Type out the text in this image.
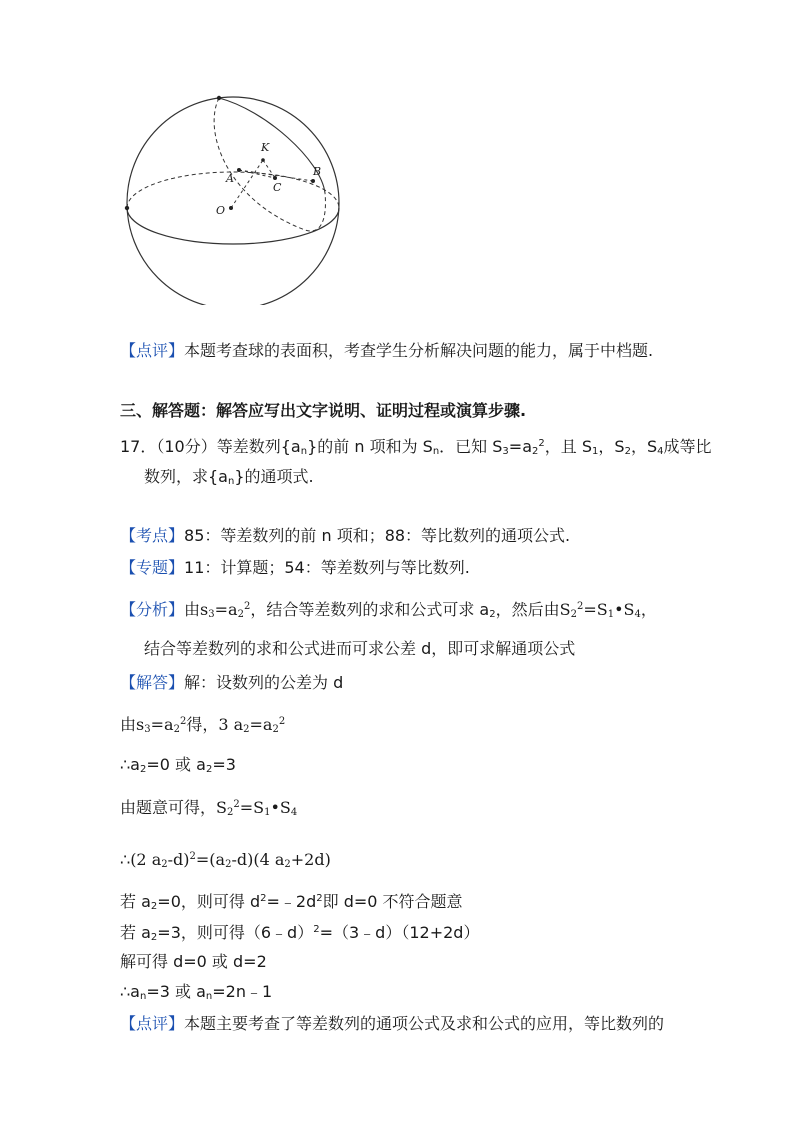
K
A
C
B
O
【点评】本题考查球的表面积，考查学生分析解决问题的能力，属于中档题.
三、解答题：解答应写出文字说明、证明过程或演算步骤.
17．（10分）等差数列$\{a_n\}$的前 n 项和为 $S_n$．已知 $S_3=a_2^2$，且 $S_1$，$S_2$，$S_4$成等比
数列，求$\{a_n\}$的通项式.
【考点】85：等差数列的前 n 项和；88：等比数列的通项公式.
【专题】11：计算题；54：等差数列与等比数列.
【分析】由$s_3=a_2^2$，结合等差数列的求和公式可求 $a_2$，然后由$S_2^2=S_1•S_4$，
结合等差数列的求和公式进而可求公差 d，即可求解通项公式
【解答】解：设数列的公差为 d
由$s_3=a_2^2$得，3 $a_2=a_2^2$
$\therefore a_2=0$ 或 $a_2=3$
由题意可得，$S_2^2=S_1•S_4$
∴(2 $a_2-d)^2=(a_2-d)(4$ $a_2+2d$)
若 $a_2=0$，则可得 $d^2=﹣2d^2$即 d=0 不符合题意
若 $a_2=3$，则可得（6﹣d）$^2$=（3﹣d）（12+2d）
解可得 d=0 或 d=2
$\therefore a_n=3$ 或 $a_n=2n﹣1$
【点评】本题主要考查了等差数列的通项公式及求和公式的应用，等比数列的
